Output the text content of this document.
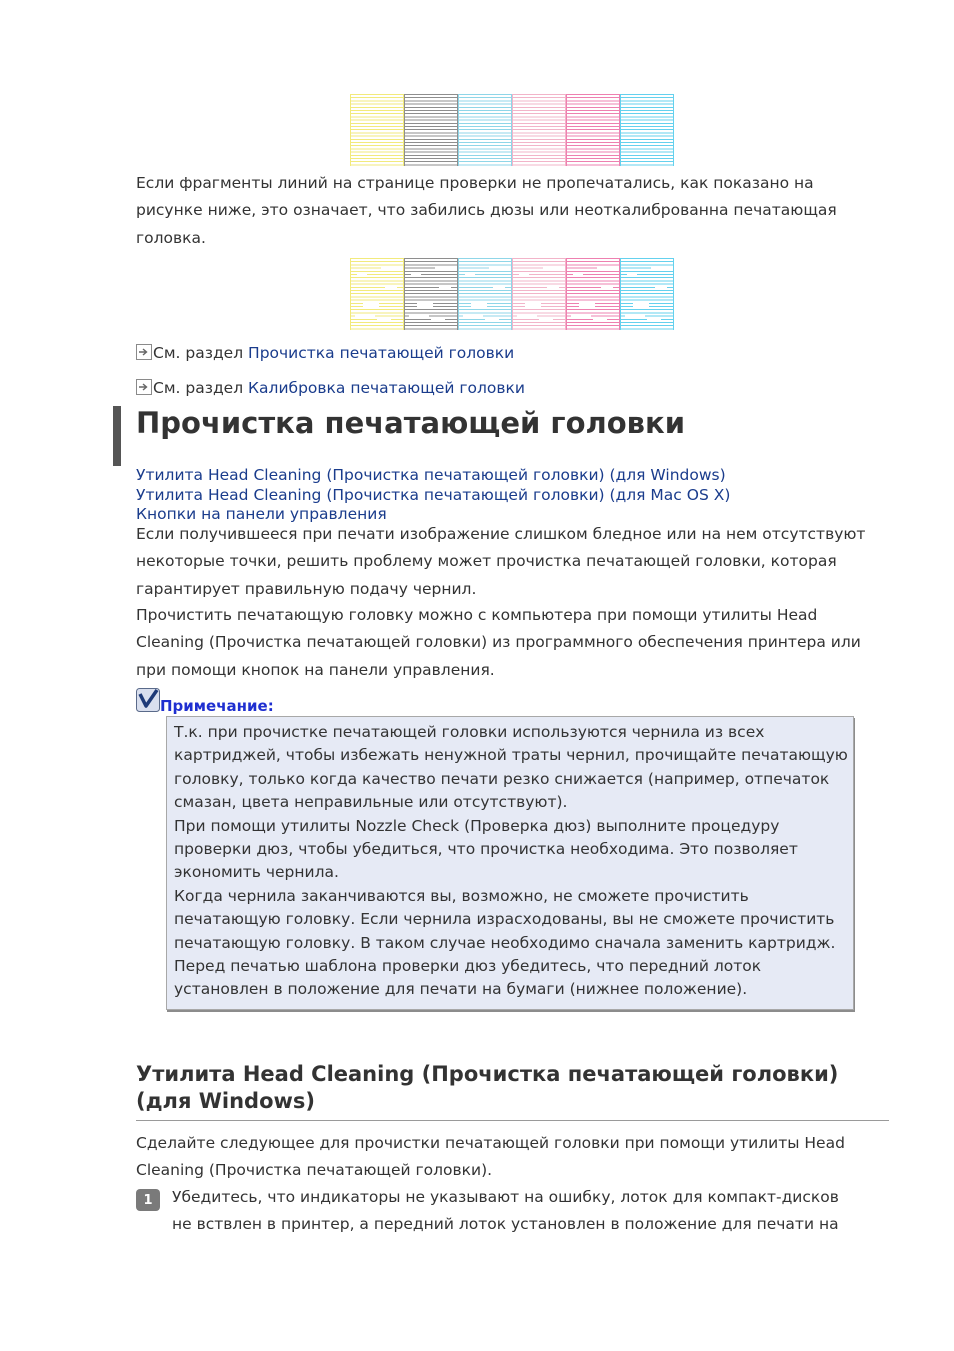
Если фрагменты линий на странице проверки не пропечатались, как показано на рисунке ниже, это означает, что забились дюзы или неоткалиброванна печатающая головка.
См. раздел Прочистка печатающей головки
См. раздел Калибровка печатающей головки
Прочистка печатающей головки
Утилита Head Cleaning (Прочистка печатающей головки) (для Windows)
Утилита Head Cleaning (Прочистка печатающей головки) (для Mac OS X)
Кнопки на панели управления
Если получившееся при печати изображение слишком бледное или на нем отсутствуют некоторые точки, решить проблему может прочистка печатающей головки, которая гарантирует правильную подачу чернил.
Прочистить печатающую головку можно с компьютера при помощи утилиты Head Cleaning (Прочистка печатающей головки) из программного обеспечения принтера или при помощи кнопок на панели управления.
Примечание:
Т.к. при прочистке печатающей головки используются чернила из всех картриджей, чтобы избежать ненужной траты чернил, прочищайте печатающую головку, только когда качество печати резко снижается (например, отпечаток смазан, цвета неправильные или отсутствуют).
При помощи утилиты Nozzle Check (Проверка дюз) выполните процедуру проверки дюз, чтобы убедиться, что прочистка необходима. Это позволяет экономить чернила.
Когда чернила заканчиваются вы, возможно, не сможете прочистить печатающую головку. Если чернила израсходованы, вы не сможете прочистить печатающую головку. В таком случае необходимо сначала заменить картридж.
Перед печатью шаблона проверки дюз убедитесь, что передний лоток установлен в положение для печати на бумаги (нижнее положение).
Утилита Head Cleaning (Прочистка печатающей головки) (для Windows)
Сделайте следующее для прочистки печатающей головки при помощи утилиты Head Cleaning (Прочистка печатающей головки).
1	Убедитесь, что индикаторы не указывают на ошибку, лоток для компакт-дисков не вствлен в принтер, а передний лоток установлен в положение для печати на
